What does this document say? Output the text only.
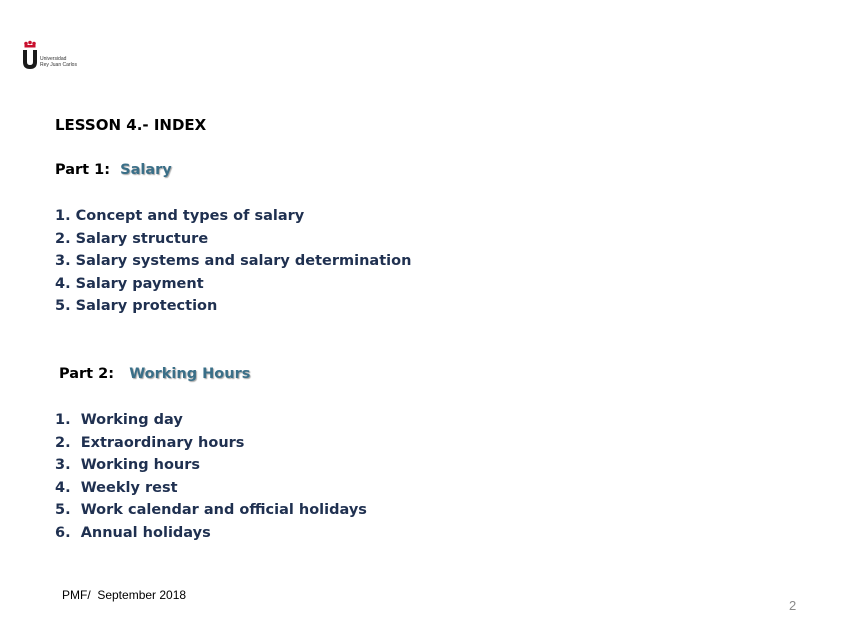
Universidad
Rey Juan Carlos
LESSON 4.- INDEX
Part 1: Salary
1. Concept and types of salary
2. Salary structure
3. Salary systems and salary determination
4. Salary payment
5. Salary protection
Part 2: Working Hours
1.  Working day
2.  Extraordinary hours
3.  Working hours
4.  Weekly rest
5.  Work calendar and official holidays
6.  Annual holidays
PMF/  September 2018
2
